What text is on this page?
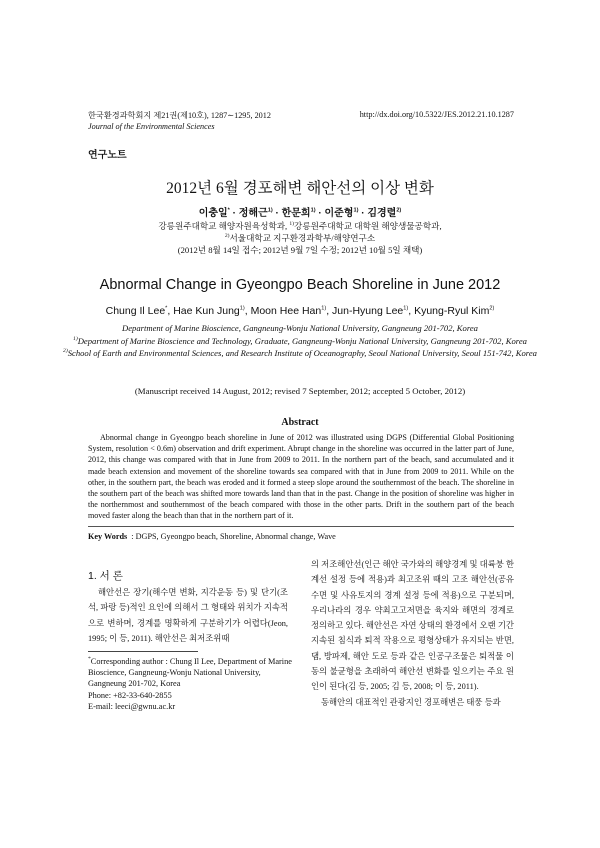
한국환경과학회지 제21권(제10호), 1287∼1295, 2012
Journal of the Environmental Sciences
http://dx.doi.org/10.5322/JES.2012.21.10.1287
연구노트
2012년 6월 경포해변 해안선의 이상 변화
이충일* · 정해근$^{1)}$ · 한문희$^{1)}$ · 이준형$^{1)}$ · 김경렬$^{2)}$
강릉원주대학교 해양자원육성학과, $^{1)}$강릉원주대학교 대학원 해양생물공학과,
$^{2)}$서울대학교 지구환경과학부/해양연구소
(2012년 8월 14일 접수; 2012년 9월 7일 수정; 2012년 10월 5일 채택)
Abnormal Change in Gyeongpo Beach Shoreline in June 2012
Chung Il Lee*, Hae Kun Jung$^{1)}$, Moon Hee Han$^{1)}$, Jun-Hyung Lee$^{1)}$, Kyung-Ryul Kim$^{2)}$
Department of Marine Bioscience, Gangneung-Wonju National University, Gangneung 201-702, Korea
$^{1)}$Department of Marine Bioscience and Technology, Graduate, Gangneung-Wonju National University, Gangneung 201-702, Korea
$^{2)}$School of Earth and Environmental Sciences, and Research Institute of Oceanography, Seoul National University, Seoul 151-742, Korea
(Manuscript received 14 August, 2012; revised 7 September, 2012; accepted 5 October, 2012)
Abstract
Abnormal change in Gyeongpo beach shoreline in June of 2012 was illustrated using DGPS (Differential Global Positioning System, resolution < 0.6m) observation and drift experiment. Abrupt change in the shoreline was occurred in the latter part of June, 2012, this change was compared with that in June from 2009 to 2011. In the northern part of the beach, sand accumulated and it made beach extension and movement of the shoreline towards sea compared with that in June from 2009 to 2011. While on the other, in the southern part, the beach was eroded and it formed a steep slope around the southernmost of the beach. The shoreline in the southern part of the beach was shifted more towards land than that in the past. Change in the position of shoreline was higher in the northernmost and southernmost of the beach compared with those in the other parts. Drift in the southern part of the beach moved faster along the beach than that in the northern part of it.
Key Words : DGPS, Gyeongpo beach, Shoreline, Abnormal change, Wave
1. 서 론
해안선은 장기(해수면 변화, 지각운동 등) 및 단기(조석, 파랑 등)적인 요인에 의해서 그 형태와 위치가 지속적으로 변하며, 경계를 명확하게 구분하기가 어렵다(Jeon, 1995; 이 등, 2011). 해안선은 최저조위때
*Corresponding author : Chung Il Lee, Department of Marine Bioscience, Gangneung-Wonju National University, Gangneung 201-702, Korea
Phone: +82-33-640-2855
E-mail: leeci@gwnu.ac.kr

의 저조해안선(인근 해안 국가와의 해양경계 및 대륙붕 한계선 설정 등에 적용)과 최고조위 때의 고조 해안선(공유수면 및 사유토지의 경계 설정 등에 적용)으로 구분되며, 우리나라의 경우 약최고고저면을 육지와 해면의 경계로 정의하고 있다. 해안선은 자연 상태의 환경에서 오랜 기간 지속된 침식과 퇴적 작용으로 평형상태가 유지되는 반면, 댐, 방파제, 해안 도로 등과 같은 인공구조물은 퇴적물 이동의 불균형을 초래하여 해안선 변화를 일으키는 주요 원인이 된다(김 등, 2005; 김 등, 2008; 이 등, 2011).

동해안의 대표적인 관광지인 경포해변은 태풍 등과
